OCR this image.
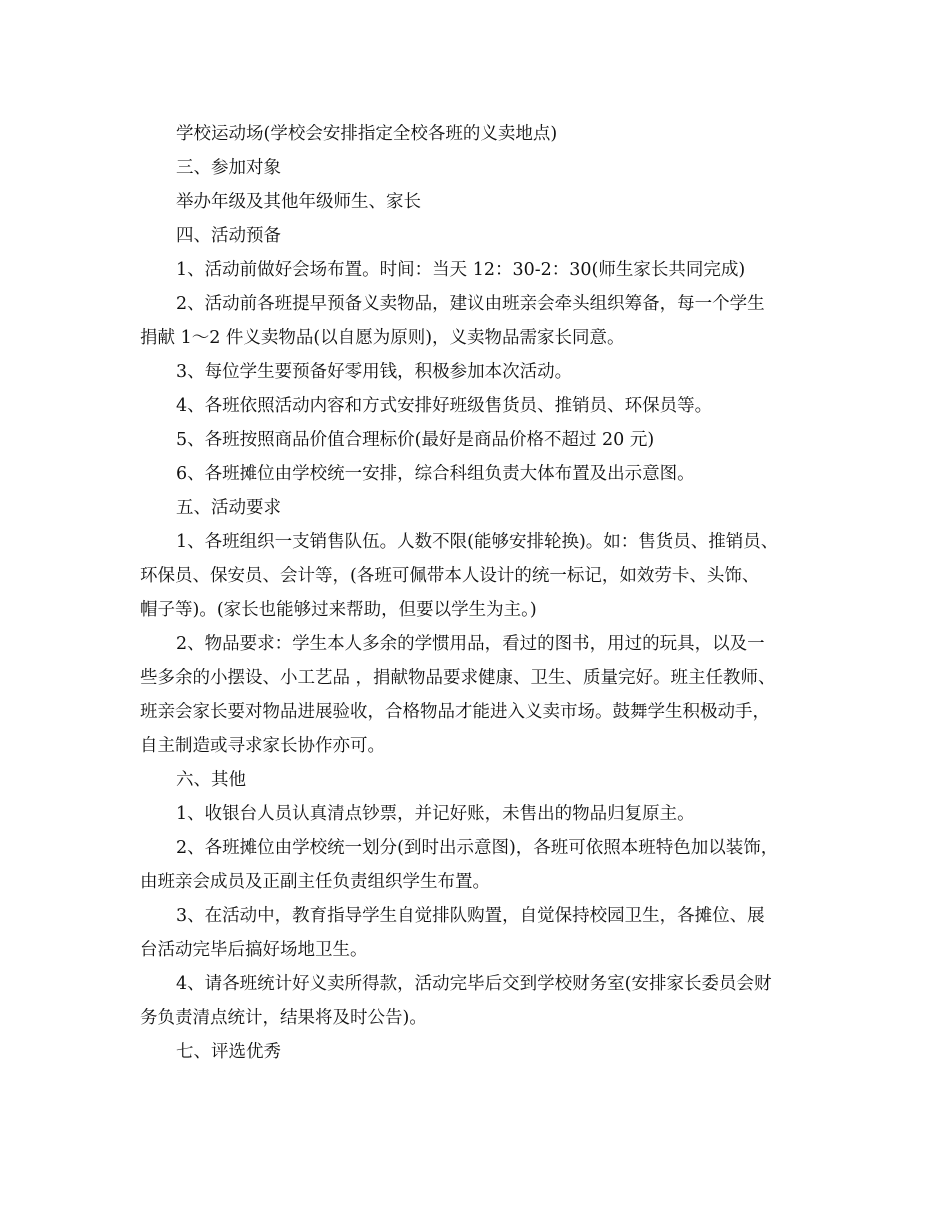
学校运动场(学校会安排指定全校各班的义卖地点)

三、参加对象

举办年级及其他年级师生、家长

四、活动预备

1、活动前做好会场布置。时间：当天 12：30-2：30(师生家长共同完成)

2、活动前各班提早预备义卖物品，建议由班亲会牵头组织筹备，每一个学生

捐献 1～2 件义卖物品(以自愿为原则)，义卖物品需家长同意。

3、每位学生要预备好零用钱，积极参加本次活动。

4、各班依照活动内容和方式安排好班级售货员、推销员、环保员等。

5、各班按照商品价值合理标价(最好是商品价格不超过 20 元)

6、各班摊位由学校统一安排，综合科组负责大体布置及出示意图。

五、活动要求

1、各班组织一支销售队伍。人数不限(能够安排轮换)。如：售货员、推销员、

环保员、保安员、会计等，(各班可佩带本人设计的统一标记，如效劳卡、头饰、

帽子等)。(家长也能够过来帮助，但要以学生为主。)

2、物品要求：学生本人多余的学惯用品，看过的图书，用过的玩具，以及一

些多余的小摆设、小工艺品 ，捐献物品要求健康、卫生、质量完好。班主任教师、

班亲会家长要对物品进展验收，合格物品才能进入义卖市场。鼓舞学生积极动手，

自主制造或寻求家长协作亦可。

六、其他

1、收银台人员认真清点钞票，并记好账，未售出的物品归复原主。

2、各班摊位由学校统一划分(到时出示意图)，各班可依照本班特色加以装饰，

由班亲会成员及正副主任负责组织学生布置。

3、在活动中，教育指导学生自觉排队购置，自觉保持校园卫生，各摊位、展

台活动完毕后搞好场地卫生。

4、请各班统计好义卖所得款，活动完毕后交到学校财务室(安排家长委员会财

务负责清点统计，结果将及时公告)。

七、评选优秀
